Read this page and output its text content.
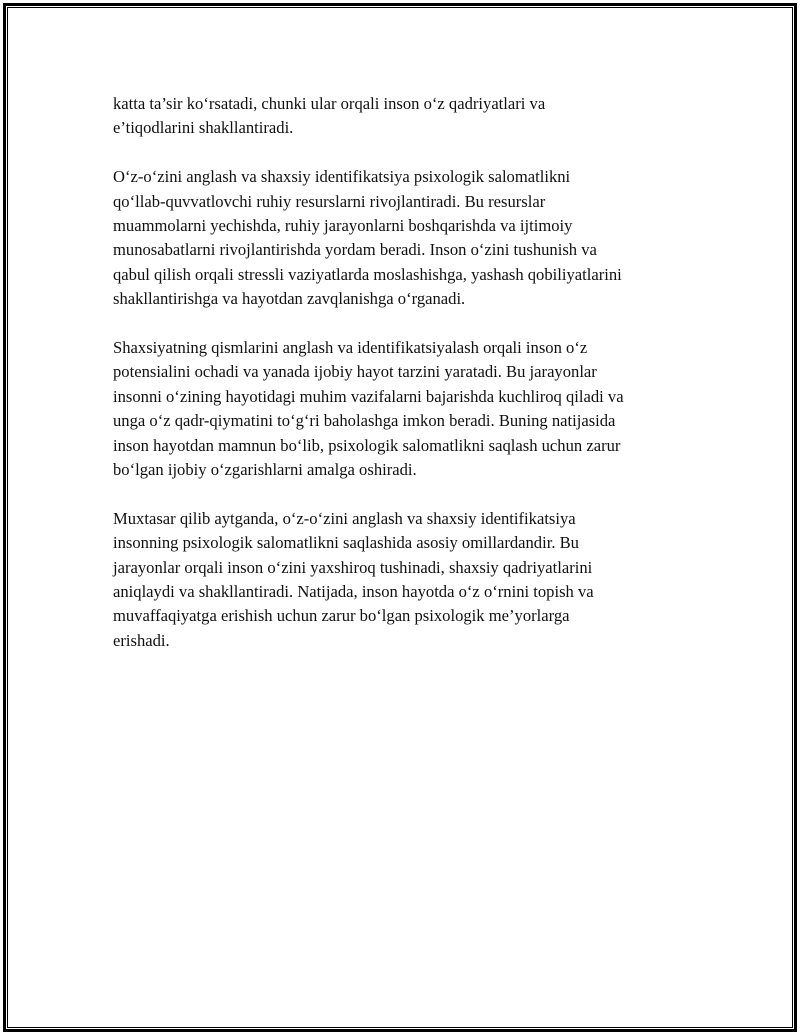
katta ta’sir ko‘rsatadi, chunki ular orqali inson o‘z qadriyatlari va
e’tiqodlarini shakllantiradi.

O‘z-o‘zini anglash va shaxsiy identifikatsiya psixologik salomatlikni
qo‘llab-quvvatlovchi ruhiy resurslarni rivojlantiradi. Bu resurslar
muammolarni yechishda, ruhiy jarayonlarni boshqarishda va ijtimoiy
munosabatlarni rivojlantirishda yordam beradi. Inson o‘zini tushunish va
qabul qilish orqali stressli vaziyatlarda moslashishga, yashash qobiliyatlarini
shakllantirishga va hayotdan zavqlanishga o‘rganadi.

Shaxsiyatning qismlarini anglash va identifikatsiyalash orqali inson o‘z
potensialini ochadi va yanada ijobiy hayot tarzini yaratadi. Bu jarayonlar
insonni o‘zining hayotidagi muhim vazifalarni bajarishda kuchliroq qiladi va
unga o‘z qadr-qiymatini to‘g‘ri baholashga imkon beradi. Buning natijasida
inson hayotdan mamnun bo‘lib, psixologik salomatlikni saqlash uchun zarur
bo‘lgan ijobiy o‘zgarishlarni amalga oshiradi.

Muxtasar qilib aytganda, o‘z-o‘zini anglash va shaxsiy identifikatsiya
insonning psixologik salomatlikni saqlashida asosiy omillardandir. Bu
jarayonlar orqali inson o‘zini yaxshiroq tushinadi, shaxsiy qadriyatlarini
aniqlaydi va shakllantiradi. Natijada, inson hayotda o‘z o‘rnini topish va
muvaffaqiyatga erishish uchun zarur bo‘lgan psixologik me’yorlarga
erishadi.
